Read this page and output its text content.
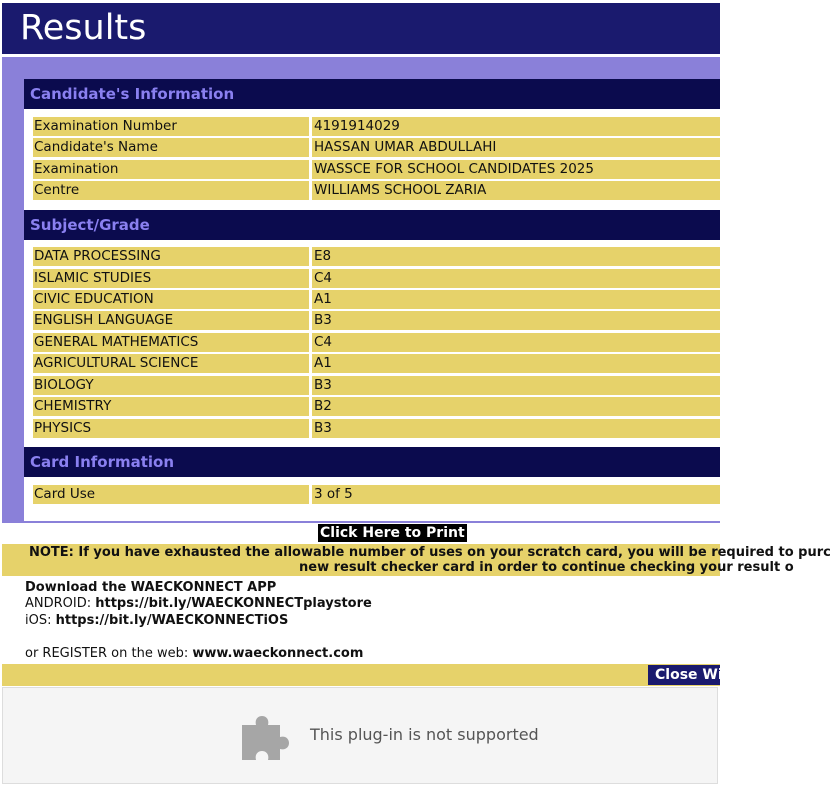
Results
Candidate's Information
Examination Number	4191914029
Candidate's Name	HASSAN UMAR ABDULLAHI
Examination	WASSCE FOR SCHOOL CANDIDATES 2025
Centre	WILLIAMS SCHOOL ZARIA
Subject/Grade
DATA PROCESSING	E8
ISLAMIC STUDIES	C4
CIVIC EDUCATION	A1
ENGLISH LANGUAGE	B3
GENERAL MATHEMATICS	C4
AGRICULTURAL SCIENCE	A1
BIOLOGY	B3
CHEMISTRY	B2
PHYSICS	B3
Card Information
Card Use	3 of 5
Click Here to Print
NOTE: If you have exhausted the allowable number of uses on your scratch card, you will be required to purc
new result checker card in order to continue checking your result o
Download the WAECKONNECT APP
ANDROID: https://bit.ly/WAECKONNECTplaystore
iOS: https://bit.ly/WAECKONNECTiOS
or REGISTER on the web: www.waeckonnect.com
Close Win
This plug-in is not supported
